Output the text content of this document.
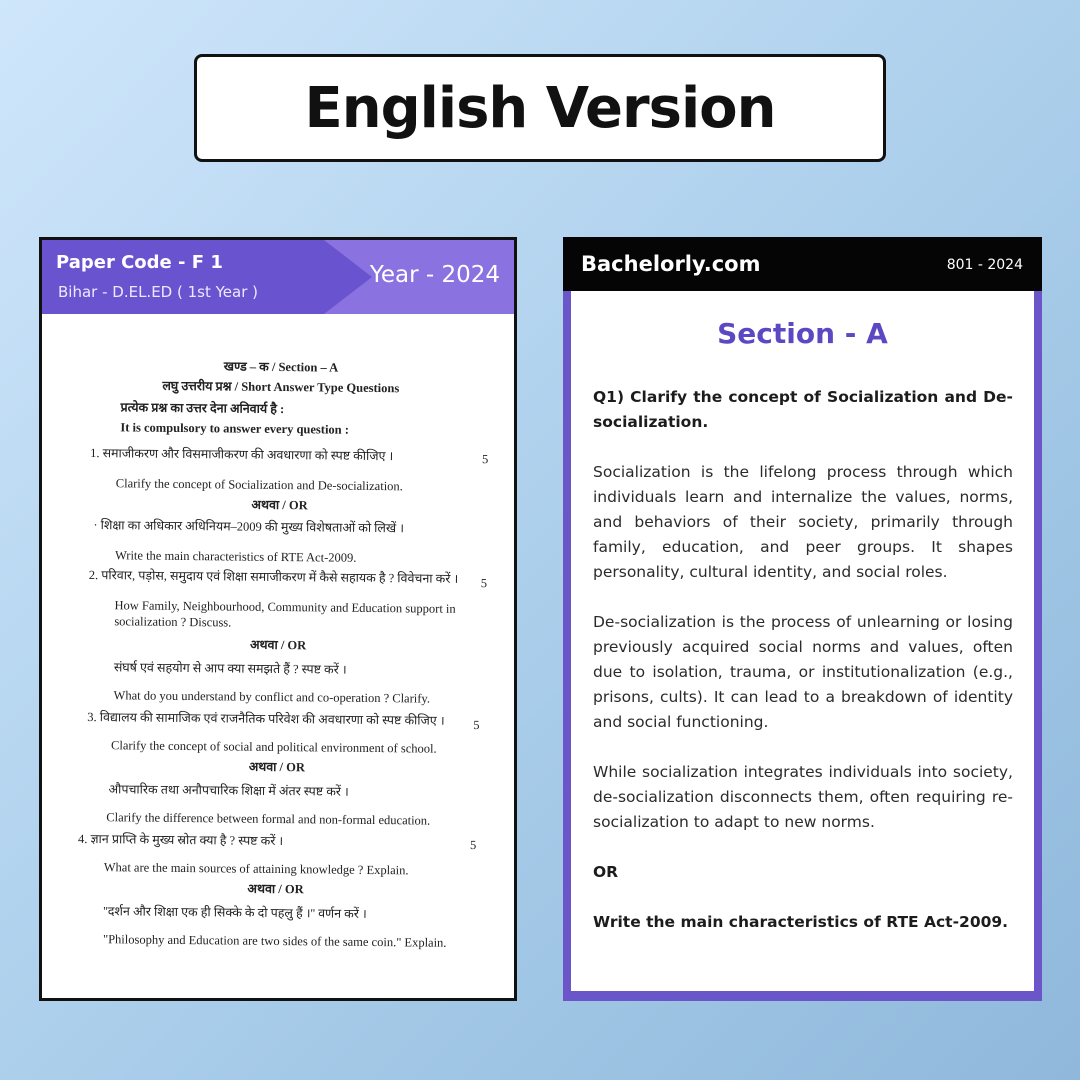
English Version
Paper Code - F 1
Bihar - D.EL.ED ( 1st Year )
Year - 2024
खण्ड – क / Section – A
लघु उत्तरीय प्रश्न / Short Answer Type Questions
प्रत्येक प्रश्न का उत्तर देना अनिवार्य है :
It is compulsory to answer every question :
1. समाजीकरण और विसमाजीकरण की अवधारणा को स्पष्ट कीजिए ।	5
Clarify the concept of Socialization and De-socialization.
अथवा / OR
· शिक्षा का अधिकार अधिनियम–2009 की मुख्य विशेषताओं को लिखें ।
Write the main characteristics of RTE Act-2009.
2. परिवार, पड़ोस, समुदाय एवं शिक्षा समाजीकरण में कैसे सहायक है ? विवेचना करें । 5
How Family, Neighbourhood, Community and Education support in
socialization ? Discuss.
अथवा / OR
संघर्ष एवं सहयोग से आप क्या समझते हैं ? स्पष्ट करें ।
What do you understand by conflict and co-operation ? Clarify.
3. विद्यालय की सामाजिक एवं राजनैतिक परिवेश की अवधारणा को स्पष्ट कीजिए । 5
Clarify the concept of social and political environment of school.
अथवा / OR
औपचारिक तथा अनौपचारिक शिक्षा में अंतर स्पष्ट करें ।
Clarify the difference between formal and non-formal education.
4. ज्ञान प्राप्ति के मुख्य स्रोत क्या है ? स्पष्ट करें ।	5
What are the main sources of attaining knowledge ? Explain.
अथवा / OR
''दर्शन और शिक्षा एक ही सिक्के के दो पहलु हैं ।'' वर्णन करें ।
"Philosophy and Education are two sides of the same coin." Explain.
Bachelorly.com	801 - 2024
Section - A

Q1) Clarify the concept of Socialization and De-socialization.

Socialization is the lifelong process through which individuals learn and internalize the values, norms, and behaviors of their society, primarily through family, education, and peer groups. It shapes personality, cultural identity, and social roles.

De-socialization is the process of unlearning or losing previously acquired social norms and values, often due to isolation, trauma, or institutionalization (e.g., prisons, cults). It can lead to a breakdown of identity and social functioning.

While socialization integrates individuals into society, de-socialization disconnects them, often requiring re-socialization to adapt to new norms.

OR

Write the main characteristics of RTE Act-2009.
